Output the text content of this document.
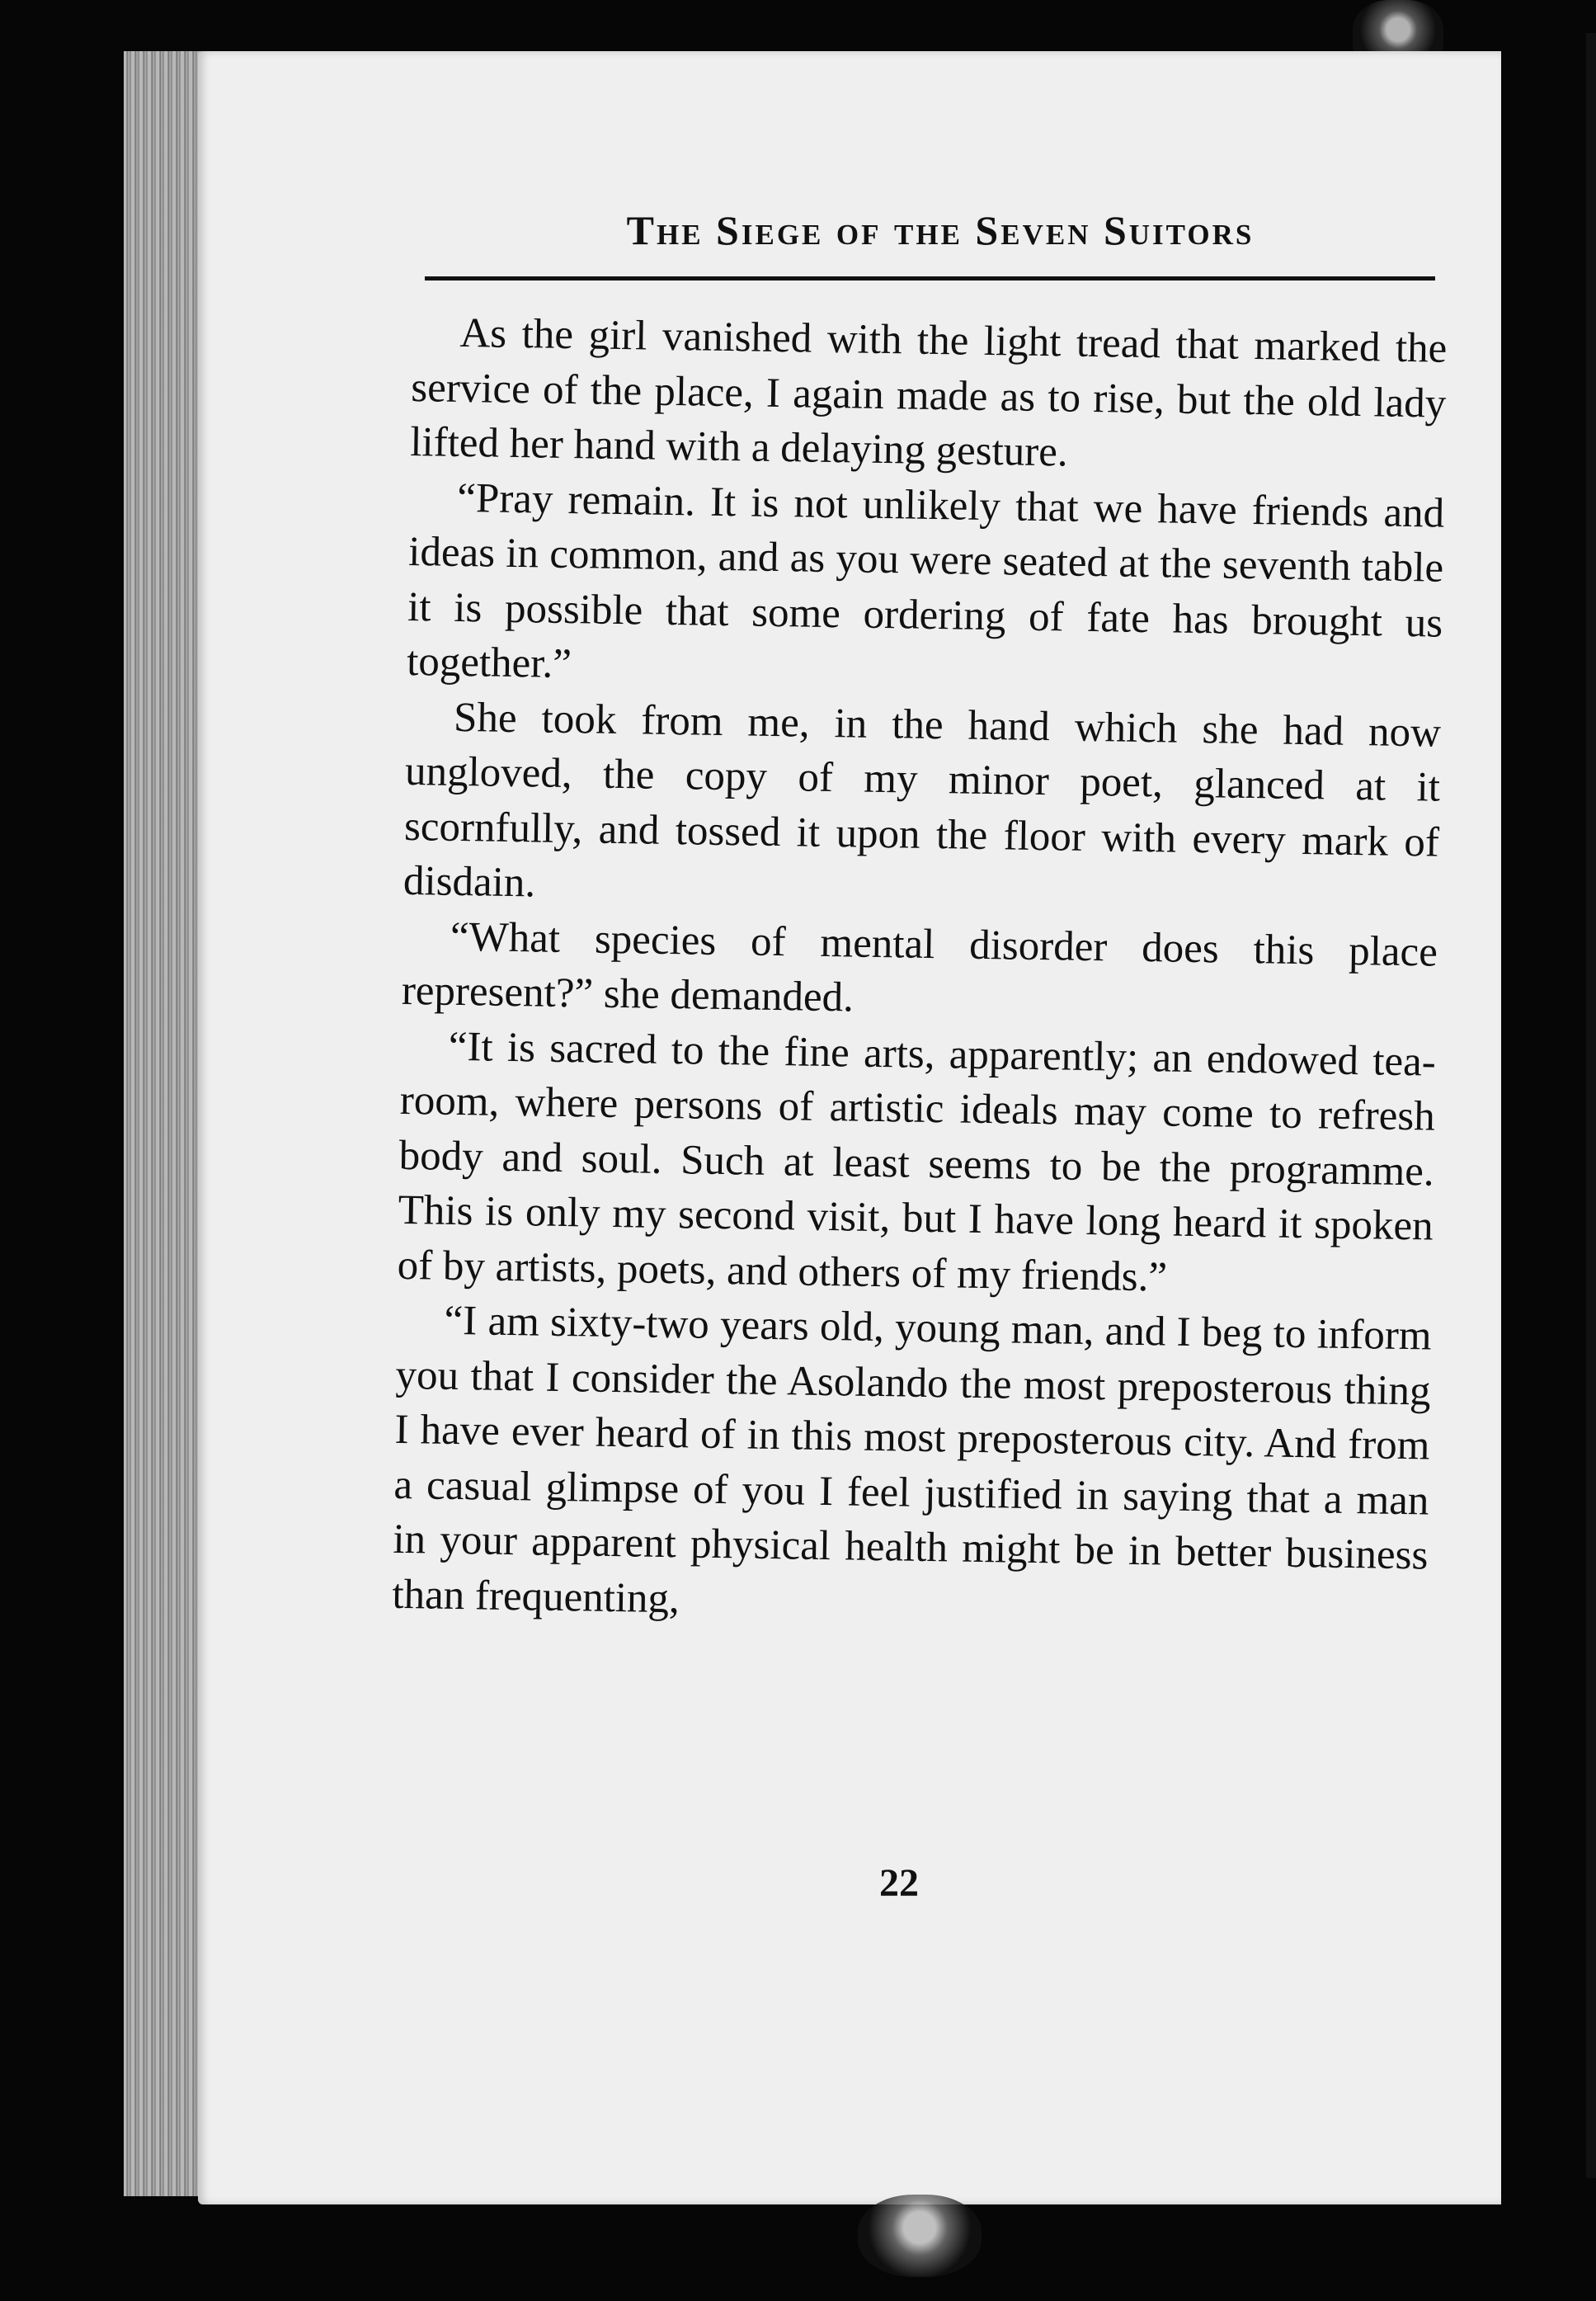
The Siege of the Seven Suitors

As the girl vanished with the light tread that marked the service of the place, I again made as to rise, but the old lady lifted her hand with a delaying gesture.

“Pray remain. It is not unlikely that we have friends and ideas in common, and as you were seated at the seventh table it is possible that some ordering of fate has brought us together.”

She took from me, in the hand which she had now ungloved, the copy of my minor poet, glanced at it scornfully, and tossed it upon the floor with every mark of disdain.

“What species of mental disorder does this place represent?” she demanded.

“It is sacred to the fine arts, apparently; an endowed tea-room, where persons of artistic ideals may come to refresh body and soul. Such at least seems to be the programme. This is only my second visit, but I have long heard it spoken of by artists, poets, and others of my friends.”

“I am sixty-two years old, young man, and I beg to inform you that I consider the Asolando the most preposterous thing I have ever heard of in this most preposterous city. And from a casual glimpse of you I feel justified in saying that a man in your apparent physical health might be in better business than frequenting,

22
